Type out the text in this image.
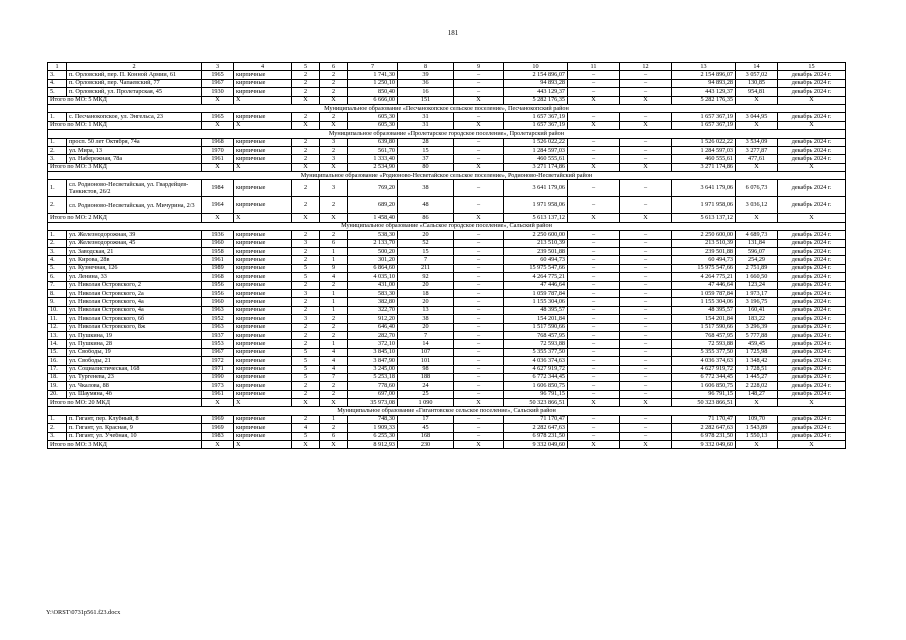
181
1	2	3	4	5	6	7	8	9	10	11	12	13	14	15
3.	п. Орловский, пер. П. Конной Армии, 61	1965	кирпичные	2	2	1 741,30	39	–	2 154 896,07	–	–	2 154 896,07	3 057,02	декабрь 2024 г.
4.	п. Орловский, пер. Чапаевский, 77	1967	кирпичные	2	2	1 250,10	36	–	94 893,28	–	–	94 893,28	130,85	декабрь 2024 г.
5.	п. Орловский, ул. Пролетарская, 45	1930	кирпичные	2	2	850,40	16	–	443 129,37	–	–	443 129,37	954,81	декабрь 2024 г.
Итого по МО: 5 МКД		X	X	X	X	6 666,00	151	X	5 282 176,35	X	X	5 282 176,35	X	X
Муниципальное образование «Песчанокопское сельское поселение», Песчанокопский район														
1.	с. Песчанокопское, ул. Энгельса, 23	1965	кирпичные	2	2	605,30	31	–	1 657 367,19	–	–	1 657 367,19	3 044,95	декабрь 2024 г.
Итого по МО: 1 МКД		X	X	X	X	605,30	31	X	1 657 367,19	X	X	1 657 367,19	X	X
Муниципальное образование «Пролетарское городское поселение», Пролетарский район														
1.	просп. 50 лет Октября, 74а	1968	кирпичные	2	3	639,80	28	–	1 526 022,22	–	–	1 526 022,22	3 534,09	декабрь 2024 г.
2.	ул. Мира, 13	1970	кирпичные	2	2	561,70	15	–	1 284 597,03	–	–	1 284 597,03	3 277,87	декабрь 2024 г.
3.	ул. Набережная, 78а	1961	кирпичные	2	3	1 333,40	37	–	460 555,61	–	–	460 555,61	477,61	декабрь 2024 г.
Итого по МО: 3 МКД		X	X	X	X	2 534,90	80	X	3 271 174,86	X	X	3 271 174,86	X	X
Муниципальное образование «Родионово-Несветайское сельское поселение», Родионово-Несветайский район														
1.	сл. Родионово-Несветайская, ул. Гвардейцев-Танкистов, 26/2	1984	кирпичные	2	3	769,20	38	–	3 641 179,06	–	–	3 641 179,06	6 076,73	декабрь 2024 г.
2.	сл. Родионово-Несветайская, ул. Мичурина, 2/3	1964	кирпичные	2	2	689,20	48	–	1 971 958,06	–	–	1 971 958,06	3 036,12	декабрь 2024 г.
Итого по МО: 2 МКД		X	X	X	X	1 458,40	86	X	5 613 137,12	X	X	5 613 137,12	X	X
Муниципальное образование «Сальское городское поселение», Сальский район														
1.	ул. Железнодорожная, 39	1936	кирпичные	2	2	538,30	20	–	2 250 600,00	–	–	2 250 600,00	4 689,73	декабрь 2024 г.
2.	ул. Железнодорожная, 45	1960	кирпичные	3	6	2 133,70	52	–	213 510,39	–	–	213 510,39	131,84	декабрь 2024 г.
3.	ул. Заводская, 21	1958	кирпичные	2	1	500,20	15	–	239 501,88	–	–	239 501,88	596,07	декабрь 2024 г.
4.	ул. Кирова, 28в	1961	кирпичные	2	1	301,20	7	–	60 494,73	–	–	60 494,73	254,29	декабрь 2024 г.
5.	ул. Кузнечная, 126	1989	кирпичные	5	9	6 864,60	211	–	15 975 547,66	–	–	15 975 547,66	2 751,89	декабрь 2024 г.
6.	ул. Ленина, 33	1968	кирпичные	5	4	4 035,10	92	–	4 264 775,21	–	–	4 264 775,21	1 660,50	декабрь 2024 г.
7.	ул. Николая Островского, 2	1956	кирпичные	2	2	431,00	20	–	47 446,64	–	–	47 446,64	123,24	декабрь 2024 г.
8.	ул. Николая Островского, 2а	1956	кирпичные	3	1	583,30	18	–	1 059 787,84	–	–	1 059 787,84	1 973,17	декабрь 2024 г.
9.	ул. Николая Островского, 4а	1960	кирпичные	2	1	382,80	20	–	1 155 304,06	–	–	1 155 304,06	3 196,75	декабрь 2024 г.
10.	ул. Николая Островского, 4а	1963	кирпичные	2	1	322,70	13	–	48 395,57	–	–	48 395,57	160,41	декабрь 2024 г.
11.	ул. Николая Островского, 6б	1952	кирпичные	3	2	912,20	38	–	154 201,84	–	–	154 201,84	183,22	декабрь 2024 г.
12.	ул. Николая Островского, 8ж	1963	кирпичные	2	2	646,40	20	–	1 517 590,66	–	–	1 517 590,66	3 296,39	декабрь 2024 г.
13.	ул. Пушкина, 19	1937	кирпичные	2	2	282,70	7	–	768 457,95	–	–	768 457,95	5 777,88	декабрь 2024 г.
14.	ул. Пушкина, 28	1953	кирпичные	2	1	372,10	14	–	72 593,88	–	–	72 593,88	459,45	декабрь 2024 г.
15.	ул. Свободы, 19	1967	кирпичные	5	4	3 845,10	107	–	5 355 377,50	–	–	5 355 377,50	1 725,98	декабрь 2024 г.
16.	ул. Свободы, 21	1972	кирпичные	5	4	3 847,90	101	–	4 036 374,63	–	–	4 036 374,63	1 348,42	декабрь 2024 г.
17.	ул. Социалистическая, 168	1971	кирпичные	5	4	3 245,00	98	–	4 627 919,72	–	–	4 627 919,72	1 728,51	декабрь 2024 г.
18.	ул. Тургенева, 23	1990	кирпичные	5	7	5 253,18	188	–	6 772 344,45	–	–	6 772 344,45	1 445,27	декабрь 2024 г.
19.	ул. Чкалова, 88	1973	кирпичные	2	2	778,60	24	–	1 606 850,75	–	–	1 606 850,75	2 228,02	декабрь 2024 г.
20.	ул. Шаумяна, 4б	1961	кирпичные	2	2	697,00	25	–	96 791,15	–	–	96 791,15	148,27	декабрь 2024 г.
Итого по МО: 20 МКД		X	X	X	X	35 973,08	1 090	X	50 323 866,51	X	X	50 323 866,51	X	X
Муниципальное образование «Гигантовское сельское поселение», Сальский район														
1.	п. Гигант, пер. Клубный, 8	1969	кирпичные	2	1	748,30	17	–	71 170,47	–	–	71 170,47	109,70	декабрь 2024 г.
2.	п. Гигант, ул. Красная, 9	1969	кирпичные	4	2	1 909,33	45	–	2 282 647,63	–	–	2 282 647,63	1 543,89	декабрь 2024 г.
3.	п. Гигант, ул. Учебная, 10	1983	кирпичные	5	6	6 255,30	168	–	6 978 231,50	–	–	6 978 231,50	1 550,13	декабрь 2024 г.
Итого по МО: 3 МКД		X	X	X	X	8 912,93	230	X	9 332 049,60	X	X	9 332 049,60	X	X
Y:\ORST\0731p561.f23.docx
